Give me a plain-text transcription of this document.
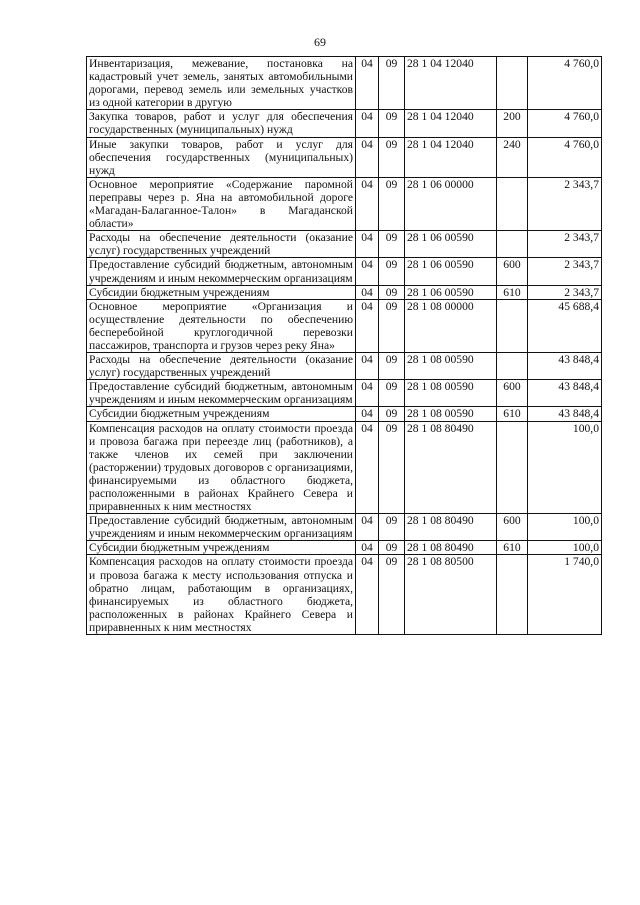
69
Инвентаризация, межевание, постановка на кадастровый учет земель, занятых автомобильными дорогами, перевод земель или земельных участков из одной категории в другую	04	09	28 1 04 12040		4 760,0
Закупка товаров, работ и услуг для обеспечения государственных (муниципальных) нужд	04	09	28 1 04 12040	200	4 760,0
Иные закупки товаров, работ и услуг для обеспечения государственных (муниципальных) нужд	04	09	28 1 04 12040	240	4 760,0
Основное мероприятие «Содержание паромной переправы через р. Яна на автомобильной дороге «Магадан-Балаганное-Талон» в Магаданской области»	04	09	28 1 06 00000		2 343,7
Расходы на обеспечение деятельности (оказание услуг) государственных учреждений	04	09	28 1 06 00590		2 343,7
Предоставление субсидий бюджетным, автономным учреждениям и иным некоммерческим организациям	04	09	28 1 06 00590	600	2 343,7
Субсидии бюджетным учреждениям	04	09	28 1 06 00590	610	2 343,7
Основное мероприятие «Организация и осуществление деятельности по обеспечению бесперебойной круглогодичной перевозки пассажиров, транспорта и грузов через реку Яна»	04	09	28 1 08 00000		45 688,4
Расходы на обеспечение деятельности (оказание услуг) государственных учреждений	04	09	28 1 08 00590		43 848,4
Предоставление субсидий бюджетным, автономным учреждениям и иным некоммерческим организациям	04	09	28 1 08 00590	600	43 848,4
Субсидии бюджетным учреждениям	04	09	28 1 08 00590	610	43 848,4
Компенсация расходов на оплату стоимости проезда и провоза багажа при переезде лиц (работников), а также членов их семей при заключении (расторжении) трудовых договоров с организациями, финансируемыми из областного бюджета, расположенными в районах Крайнего Севера и приравненных к ним местностях	04	09	28 1 08 80490		100,0
Предоставление субсидий бюджетным, автономным учреждениям и иным некоммерческим организациям	04	09	28 1 08 80490	600	100,0
Субсидии бюджетным учреждениям	04	09	28 1 08 80490	610	100,0
Компенсация расходов на оплату стоимости проезда и провоза багажа к месту использования отпуска и обратно лицам, работающим в организациях, финансируемых из областного бюджета, расположенных в районах Крайнего Севера и приравненных к ним местностях	04	09	28 1 08 80500		1 740,0
